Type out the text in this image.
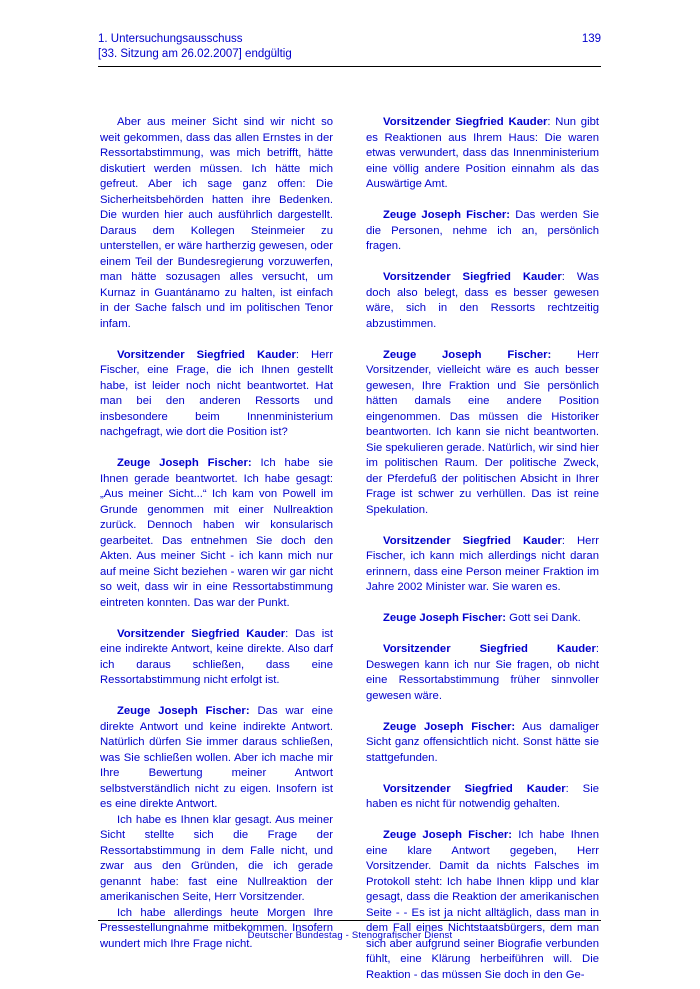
1. Untersuchungsausschuss
[33. Sitzung am 26.02.2007] endgültig
139

Aber aus meiner Sicht sind wir nicht so weit gekommen, dass das allen Ernstes in der Ressortabstimmung, was mich betrifft, hätte diskutiert werden müssen. Ich hätte mich gefreut. Aber ich sage ganz offen: Die Sicherheitsbehörden hatten ihre Bedenken. Die wurden hier auch ausführlich dargestellt. Daraus dem Kollegen Steinmeier zu unterstellen, er wäre hartherzig gewesen, oder einem Teil der Bundesregierung vorzuwerfen, man hätte sozusagen alles versucht, um Kurnaz in Guantánamo zu halten, ist einfach in der Sache falsch und im politischen Tenor infam.

Vorsitzender Siegfried Kauder: Herr Fischer, eine Frage, die ich Ihnen gestellt habe, ist leider noch nicht beantwortet. Hat man bei den anderen Ressorts und insbesondere beim Innenministerium nachgefragt, wie dort die Position ist?

Zeuge Joseph Fischer: Ich habe sie Ihnen gerade beantwortet. Ich habe gesagt: „Aus meiner Sicht...“ Ich kam von Powell im Grunde genommen mit einer Nullreaktion zurück. Dennoch haben wir konsularisch gearbeitet. Das entnehmen Sie doch den Akten. Aus meiner Sicht - ich kann mich nur auf meine Sicht beziehen - waren wir gar nicht so weit, dass wir in eine Ressortabstimmung eintreten konnten. Das war der Punkt.

Vorsitzender Siegfried Kauder: Das ist eine indirekte Antwort, keine direkte. Also darf ich daraus schließen, dass eine Ressortabstimmung nicht erfolgt ist.

Zeuge Joseph Fischer: Das war eine direkte Antwort und keine indirekte Antwort. Natürlich dürfen Sie immer daraus schließen, was Sie schließen wollen. Aber ich mache mir Ihre Bewertung meiner Antwort selbstverständlich nicht zu eigen. Insofern ist es eine direkte Antwort.

Ich habe es Ihnen klar gesagt. Aus meiner Sicht stellte sich die Frage der Ressortabstimmung in dem Falle nicht, und zwar aus den Gründen, die ich gerade genannt habe: fast eine Nullreaktion der amerikanischen Seite, Herr Vorsitzender.

Ich habe allerdings heute Morgen Ihre Pressestellungnahme mitbekommen. Insofern wundert mich Ihre Frage nicht.

Vorsitzender Siegfried Kauder: Nun gibt es Reaktionen aus Ihrem Haus: Die waren etwas verwundert, dass das Innenministerium eine völlig andere Position einnahm als das Auswärtige Amt.

Zeuge Joseph Fischer: Das werden Sie die Personen, nehme ich an, persönlich fragen.

Vorsitzender Siegfried Kauder: Was doch also belegt, dass es besser gewesen wäre, sich in den Ressorts rechtzeitig abzustimmen.

Zeuge Joseph Fischer: Herr Vorsitzender, vielleicht wäre es auch besser gewesen, Ihre Fraktion und Sie persönlich hätten damals eine andere Position eingenommen. Das müssen die Historiker beantworten. Ich kann sie nicht beantworten. Sie spekulieren gerade. Natürlich, wir sind hier im politischen Raum. Der politische Zweck, der Pferdefuß der politischen Absicht in Ihrer Frage ist schwer zu verhüllen. Das ist reine Spekulation.

Vorsitzender Siegfried Kauder: Herr Fischer, ich kann mich allerdings nicht daran erinnern, dass eine Person meiner Fraktion im Jahre 2002 Minister war. Sie waren es.

Zeuge Joseph Fischer: Gott sei Dank.

Vorsitzender Siegfried Kauder: Deswegen kann ich nur Sie fragen, ob nicht eine Ressortabstimmung früher sinnvoller gewesen wäre.

Zeuge Joseph Fischer: Aus damaliger Sicht ganz offensichtlich nicht. Sonst hätte sie stattgefunden.

Vorsitzender Siegfried Kauder: Sie haben es nicht für notwendig gehalten.

Zeuge Joseph Fischer: Ich habe Ihnen eine klare Antwort gegeben, Herr Vorsitzender. Damit da nichts Falsches im Protokoll steht: Ich habe Ihnen klipp und klar gesagt, dass die Reaktion der amerikanischen Seite - - Es ist ja nicht alltäglich, dass man in dem Fall eines Nichtstaatsbürgers, dem man sich aber aufgrund seiner Biografie verbunden fühlt, eine Klärung herbeiführen will. Die Reaktion - das müssen Sie doch in den Ge-

Deutscher Bundestag - Stenografischer Dienst
